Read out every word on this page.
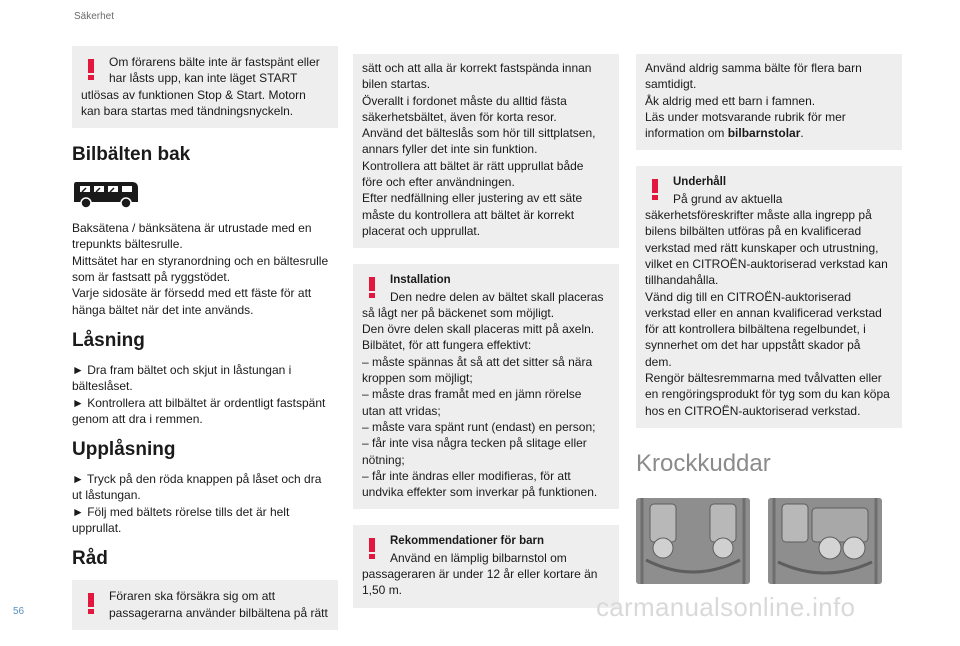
Säkerhet
Om förarens bälte inte är fastspänt eller
har låsts upp, kan inte läget START
utlösas av funktionen Stop & Start. Motorn
kan bara startas med tändningsnyckeln.
Bilbälten bak
Baksätena / bänksätena är utrustade med en
trepunkts bältesrulle.
Mittsätet har en styranordning och en bältesrulle
som är fastsatt på ryggstödet.
Varje sidosäte är försedd med ett fäste för att
hänga bältet när det inte används.
Låsning
► Dra fram bältet och skjut in låstungan i
bälteslåset.
► Kontrollera att bilbältet är ordentligt fastspänt
genom att dra i remmen.
Upplåsning
► Tryck på den röda knappen på låset och dra
ut låstungan.
► Följ med bältets rörelse tills det är helt
upprullat.
Råd
Föraren ska försäkra sig om att
passagerarna använder bilbältena på rätt
sätt och att alla är korrekt fastspända innan
bilen startas.
Överallt i fordonet måste du alltid fästa
säkerhetsbältet, även för korta resor.
Använd det bälteslås som hör till sittplatsen,
annars fyller det inte sin funktion.
Kontrollera att bältet är rätt upprullat både
före och efter användningen.
Efter nedfällning eller justering av ett säte
måste du kontrollera att bältet är korrekt
placerat och upprullat.
Installation
Den nedre delen av bältet skall placeras
så lågt ner på bäckenet som möjligt.
Den övre delen skall placeras mitt på axeln.
Bilbätet, för att fungera effektivt:
– måste spännas åt så att det sitter så nära
kroppen som möjligt;
– måste dras framåt med en jämn rörelse
utan att vridas;
– måste vara spänt runt (endast) en person;
– får inte visa några tecken på slitage eller
nötning;
– får inte ändras eller modifieras, för att
undvika effekter som inverkar på funktionen.
Rekommendationer för barn
Använd en lämplig bilbarnstol om
passageraren är under 12 år eller kortare än
1,50 m.
Använd aldrig samma bälte för flera barn
samtidigt.
Åk aldrig med ett barn i famnen.
Läs under motsvarande rubrik för mer
information om bilbarnstolar.
Underhåll
På grund av aktuella
säkerhetsföreskrifter måste alla ingrepp på
bilens bilbälten utföras på en kvalificerad
verkstad med rätt kunskaper och utrustning,
vilket en CITROËN-auktoriserad verkstad kan
tillhandahålla.
Vänd dig till en CITROËN-auktoriserad
verkstad eller en annan kvalificerad verkstad
för att kontrollera bilbältena regelbundet, i
synnerhet om det har uppstått skador på
dem.
Rengör bältesremmarna med tvålvatten eller
en rengöringsprodukt för tyg som du kan köpa
hos en CITROËN-auktoriserad verkstad.
Krockkuddar
56	carmanualsonline.info
